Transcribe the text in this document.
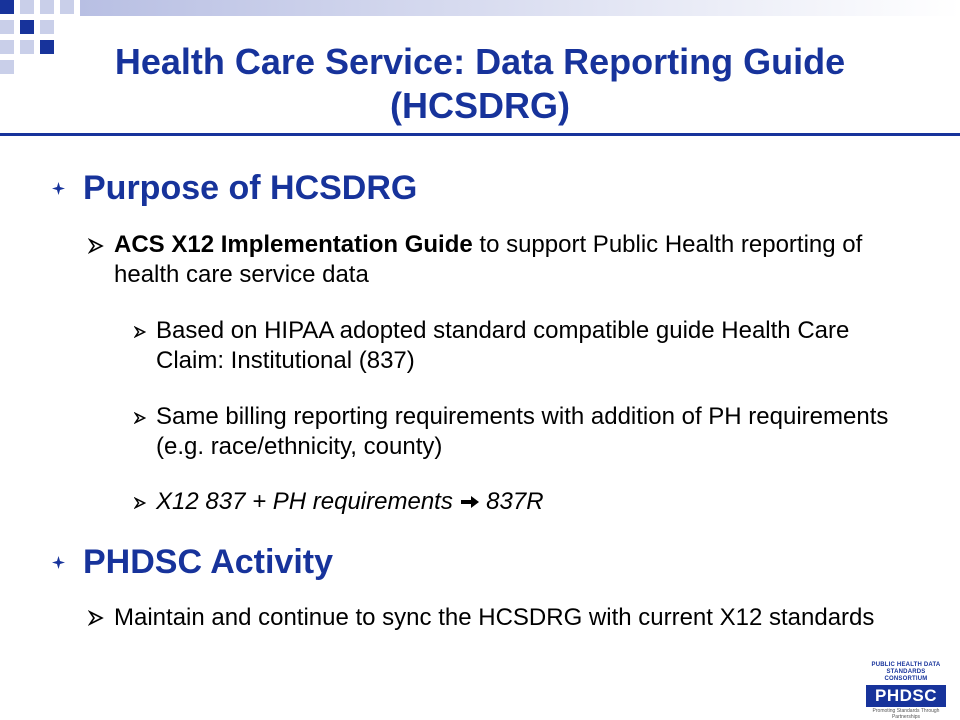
Health Care Service: Data Reporting Guide
(HCSDRG)
Purpose of HCSDRG
ACS X12 Implementation Guide to support Public Health reporting of health care service data
Based on HIPAA adopted standard compatible guide Health Care Claim: Institutional (837)
Same billing reporting requirements with addition of PH requirements (e.g. race/ethnicity, county)
X12 837 + PH requirements  837R
PHDSC Activity
Maintain and continue to sync the HCSDRG with current X12 standards
PUBLIC HEALTH DATA
STANDARDS CONSORTIUM
PHDSC
Promoting Standards Through Partnerships
